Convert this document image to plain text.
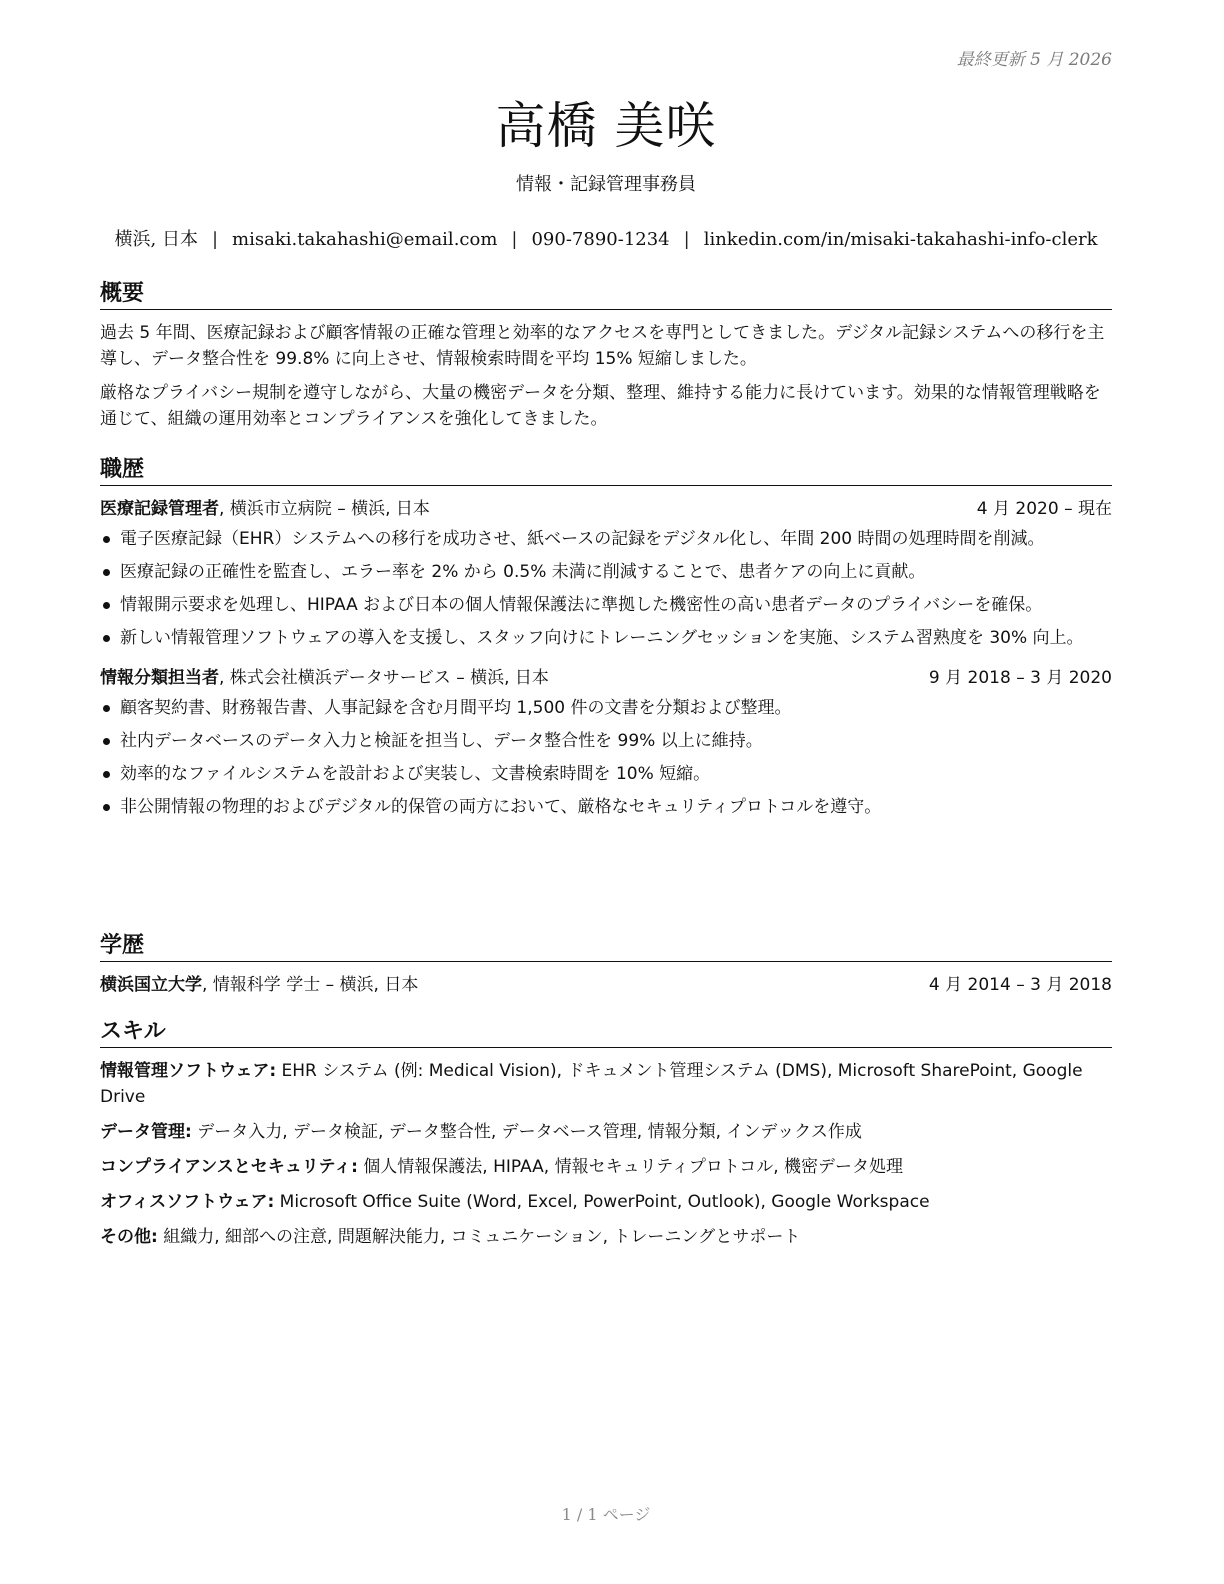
最終更新 5 月 2026
高橋 美咲
情報・記録管理事務員
横浜, 日本 | misaki.takahashi@email.com | 090-7890-1234 | linkedin.com/in/misaki-takahashi-info-clerk
概要

過去 5 年間、医療記録および顧客情報の正確な管理と効率的なアクセスを専門としてきました。デジタル記録システムへの移行を主導し、データ整合性を 99.8% に向上させ、情報検索時間を平均 15% 短縮しました。

厳格なプライバシー規制を遵守しながら、大量の機密データを分類、整理、維持する能力に長けています。効果的な情報管理戦略を通じて、組織の運用効率とコンプライアンスを強化してきました。

職歴
医療記録管理者, 横浜市立病院 – 横浜, 日本	4 月 2020 – 現在
電子医療記録（EHR）システムへの移行を成功させ、紙ベースの記録をデジタル化し、年間 200 時間の処理時間を削減。
医療記録の正確性を監査し、エラー率を 2% から 0.5% 未満に削減することで、患者ケアの向上に貢献。
情報開示要求を処理し、HIPAA および日本の個人情報保護法に準拠した機密性の高い患者データのプライバシーを確保。
新しい情報管理ソフトウェアの導入を支援し、スタッフ向けにトレーニングセッションを実施、システム習熟度を 30% 向上。
情報分類担当者, 株式会社横浜データサービス – 横浜, 日本	9 月 2018 – 3 月 2020
顧客契約書、財務報告書、人事記録を含む月間平均 1,500 件の文書を分類および整理。
社内データベースのデータ入力と検証を担当し、データ整合性を 99% 以上に維持。
効率的なファイルシステムを設計および実装し、文書検索時間を 10% 短縮。
非公開情報の物理的およびデジタル的保管の両方において、厳格なセキュリティプロトコルを遵守。
学歴
横浜国立大学, 情報科学 学士 – 横浜, 日本	4 月 2014 – 3 月 2018
スキル
情報管理ソフトウェア: EHR システム (例: Medical Vision), ドキュメント管理システム (DMS), Microsoft SharePoint, Google Drive
データ管理: データ入力, データ検証, データ整合性, データベース管理, 情報分類, インデックス作成
コンプライアンスとセキュリティ: 個人情報保護法, HIPAA, 情報セキュリティプロトコル, 機密データ処理
オフィスソフトウェア: Microsoft Office Suite (Word, Excel, PowerPoint, Outlook), Google Workspace
その他: 組織力, 細部への注意, 問題解決能力, コミュニケーション, トレーニングとサポート
1 / 1 ページ
